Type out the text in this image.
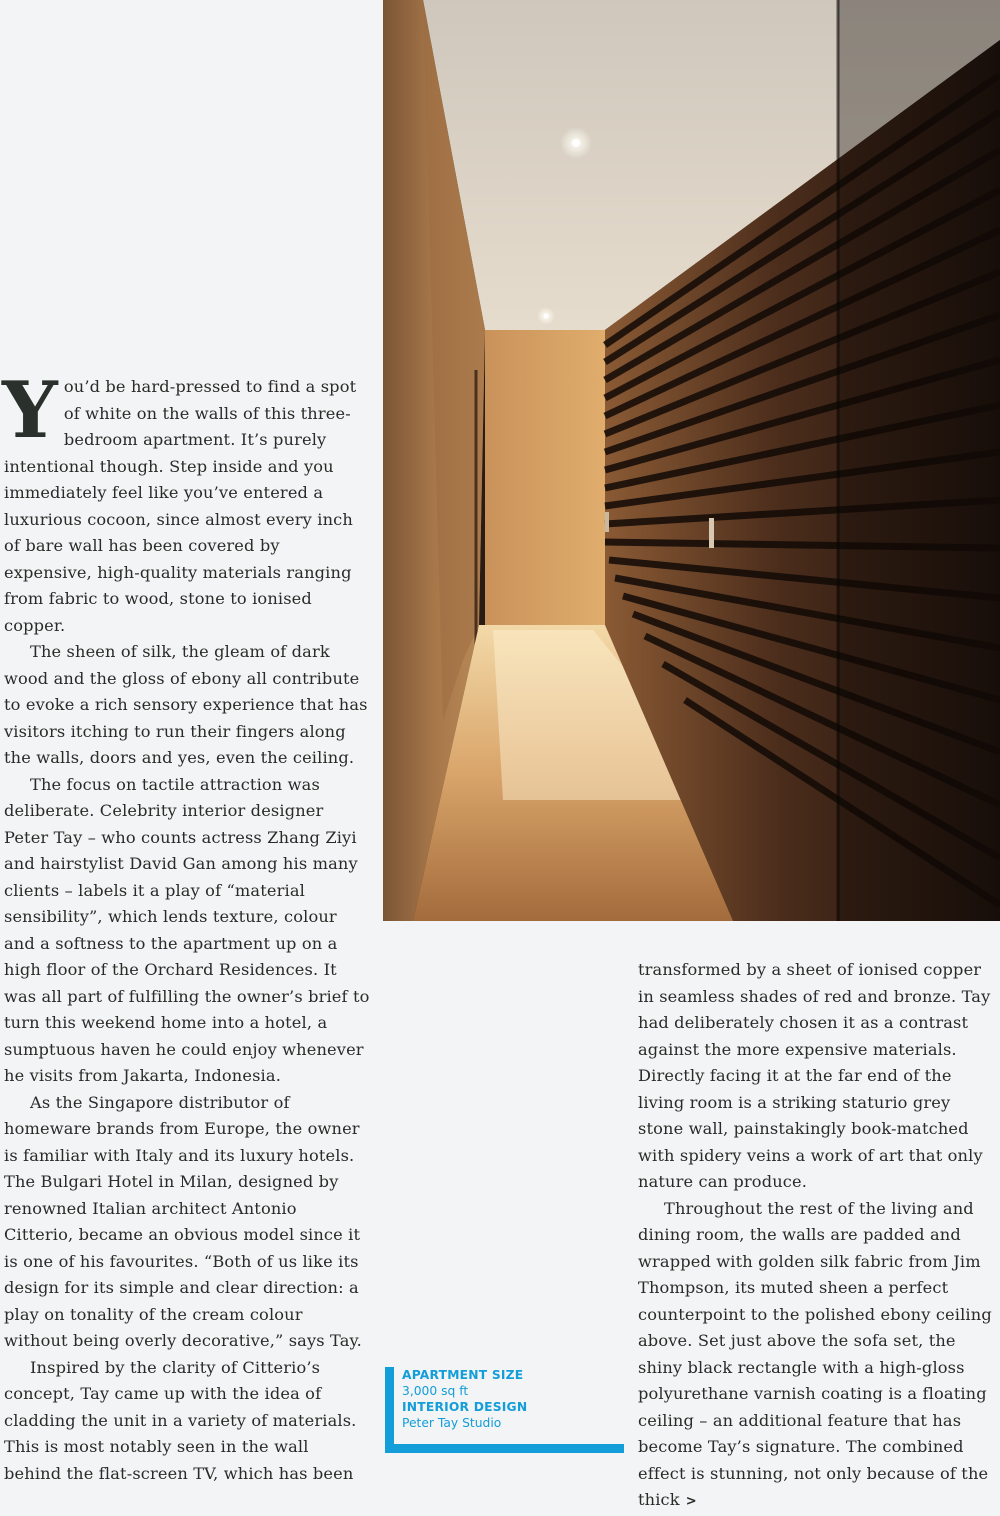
You’d be hard-pressed to find a spot of white on the walls of this three-bedroom apartment. It’s purely intentional though. Step inside and you immediately feel like you’ve entered a luxurious cocoon, since almost every inch of bare wall has been covered by expensive, high-quality materials ranging from fabric to wood, stone to ionised copper.

The sheen of silk, the gleam of dark wood and the gloss of ebony all contribute to evoke a rich sensory experience that has visitors itching to run their fingers along the walls, doors and yes, even the ceiling.

The focus on tactile attraction was deliberate. Celebrity interior designer Peter Tay – who counts actress Zhang Ziyi and hairstylist David Gan among his many clients – labels it a play of “material sensibility”, which lends texture, colour and a softness to the apartment up on a high floor of the Orchard Residences. It was all part of fulfilling the owner’s brief to turn this weekend home into a hotel, a sumptuous haven he could enjoy whenever he visits from Jakarta, Indonesia.

As the Singapore distributor of homeware brands from Europe, the owner is familiar with Italy and its luxury hotels. The Bulgari Hotel in Milan, designed by renowned Italian architect Antonio Citterio, became an obvious model since it is one of his favourites. “Both of us like its design for its simple and clear direction: a play on tonality of the cream colour without being overly decorative,” says Tay.

Inspired by the clarity of Citterio’s concept, Tay came up with the idea of cladding the unit in a variety of materials. This is most notably seen in the wall behind the flat-screen TV, which has been

APARTMENT SIZE
3,000 sq ft
INTERIOR DESIGN
Peter Tay Studio

transformed by a sheet of ionised copper in seamless shades of red and bronze. Tay had deliberately chosen it as a contrast against the more expensive materials. Directly facing it at the far end of the living room is a striking staturio grey stone wall, painstakingly book-matched with spidery veins a work of art that only nature can produce.

Throughout the rest of the living and dining room, the walls are padded and wrapped with golden silk fabric from Jim Thompson, its muted sheen a perfect counterpoint to the polished ebony ceiling above. Set just above the sofa set, the shiny black rectangle with a high-gloss polyurethane varnish coating is a floating ceiling – an additional feature that has become Tay’s signature. The combined effect is stunning, not only because of the thick >
